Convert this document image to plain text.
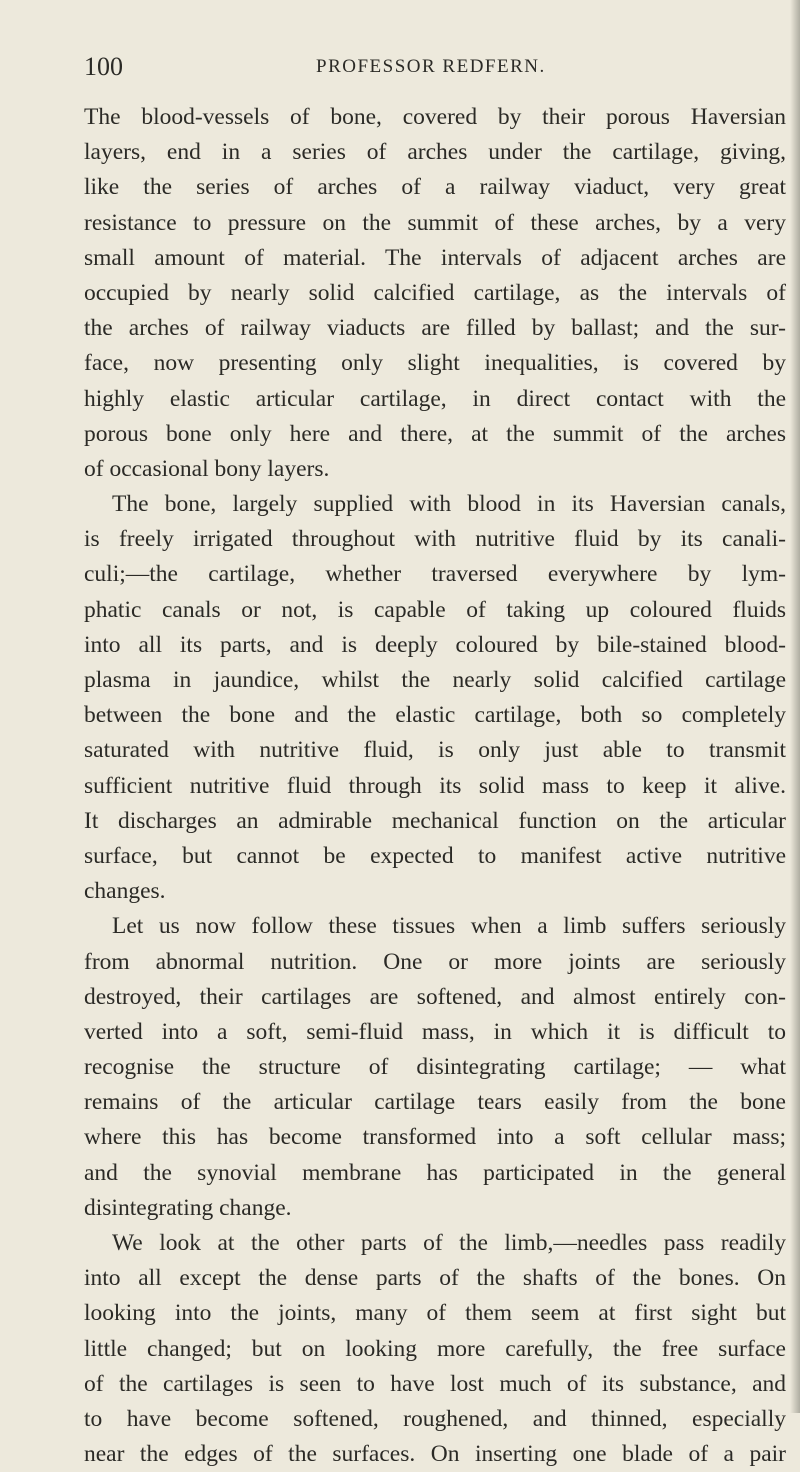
100	PROFESSOR REDFERN.
The blood-vessels of bone, covered by their porous Haversian
layers, end in a series of arches under the cartilage, giving,
like the series of arches of a railway viaduct, very great
resistance to pressure on the summit of these arches, by a very
small amount of material. The intervals of adjacent arches are
occupied by nearly solid calcified cartilage, as the intervals of
the arches of railway viaducts are filled by ballast; and the sur-
face, now presenting only slight inequalities, is covered by
highly elastic articular cartilage, in direct contact with the
porous bone only here and there, at the summit of the arches
of occasional bony layers.
The bone, largely supplied with blood in its Haversian canals,
is freely irrigated throughout with nutritive fluid by its canali-
culi;—the cartilage, whether traversed everywhere by lym-
phatic canals or not, is capable of taking up coloured fluids
into all its parts, and is deeply coloured by bile-stained blood-
plasma in jaundice, whilst the nearly solid calcified cartilage
between the bone and the elastic cartilage, both so completely
saturated with nutritive fluid, is only just able to transmit
sufficient nutritive fluid through its solid mass to keep it alive.
It discharges an admirable mechanical function on the articular
surface, but cannot be expected to manifest active nutritive
changes.
Let us now follow these tissues when a limb suffers seriously
from abnormal nutrition. One or more joints are seriously
destroyed, their cartilages are softened, and almost entirely con-
verted into a soft, semi-fluid mass, in which it is difficult to
recognise the structure of disintegrating cartilage; — what
remains of the articular cartilage tears easily from the bone
where this has become transformed into a soft cellular mass;
and the synovial membrane has participated in the general
disintegrating change.
We look at the other parts of the limb,—needles pass readily
into all except the dense parts of the shafts of the bones. On
looking into the joints, many of them seem at first sight but
little changed; but on looking more carefully, the free surface
of the cartilages is seen to have lost much of its substance, and
to have become softened, roughened, and thinned, especially
near the edges of the surfaces. On inserting one blade of a pair
